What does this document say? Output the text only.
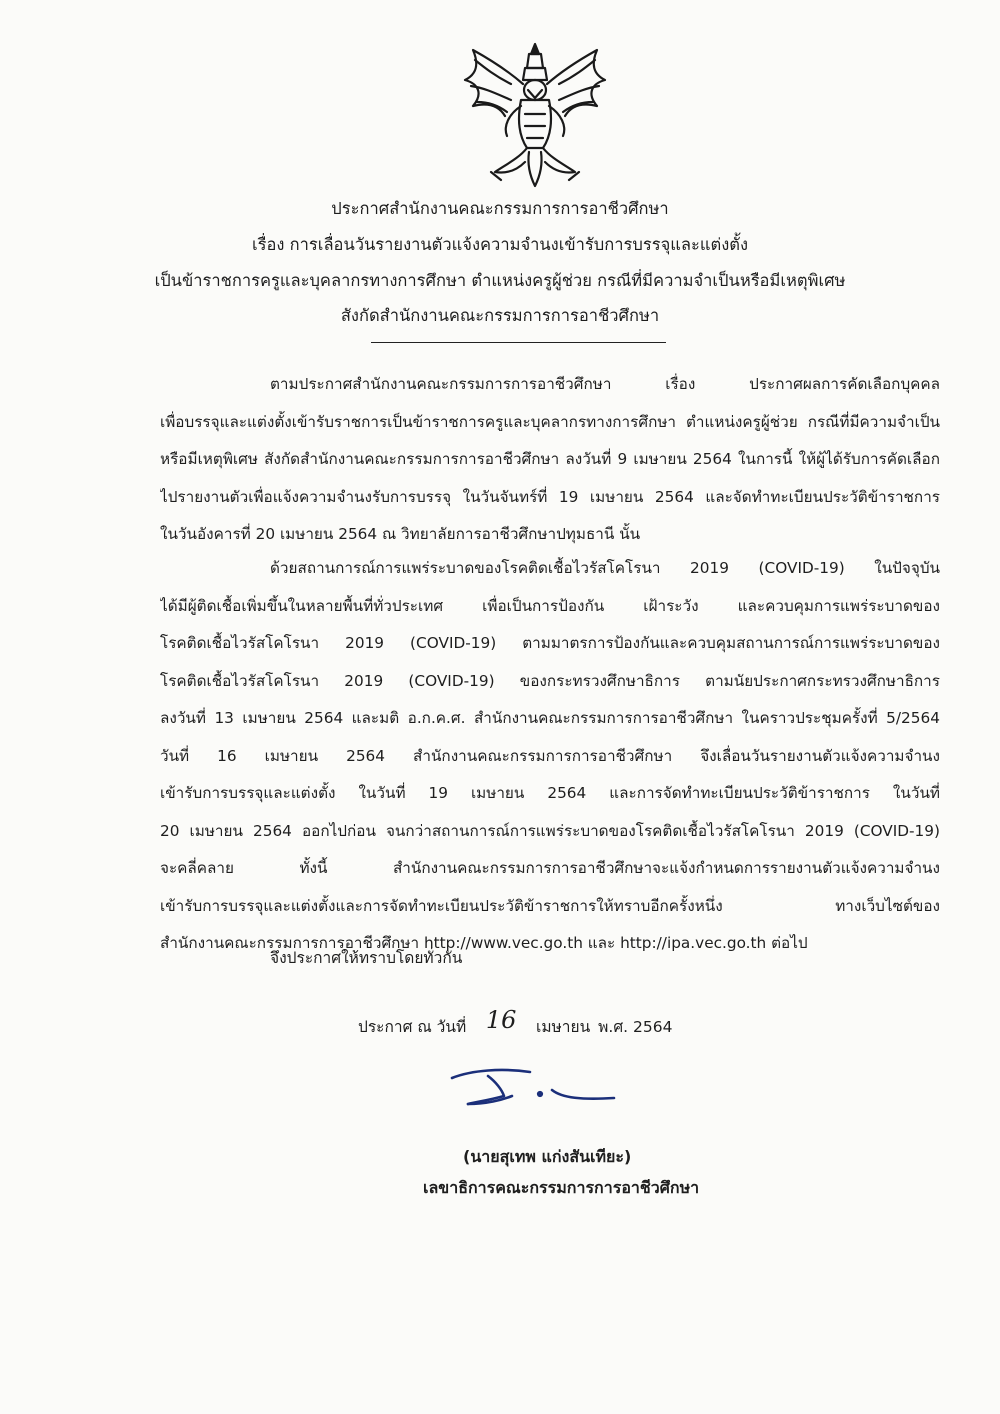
ประกาศสำนักงานคณะกรรมการการอาชีวศึกษา
เรื่อง การเลื่อนวันรายงานตัวแจ้งความจำนงเข้ารับการบรรจุและแต่งตั้ง
เป็นข้าราชการครูและบุคลากรทางการศึกษา ตำแหน่งครูผู้ช่วย กรณีที่มีความจำเป็นหรือมีเหตุพิเศษ
สังกัดสำนักงานคณะกรรมการการอาชีวศึกษา
ตามประกาศสำนักงานคณะกรรมการการอาชีวศึกษา เรื่อง ประกาศผลการคัดเลือกบุคคล
เพื่อบรรจุและแต่งตั้งเข้ารับราชการเป็นข้าราชการครูและบุคลากรทางการศึกษา ตำแหน่งครูผู้ช่วย กรณีที่มีความจำเป็น
หรือมีเหตุพิเศษ สังกัดสำนักงานคณะกรรมการการอาชีวศึกษา ลงวันที่ 9 เมษายน 2564 ในการนี้ ให้ผู้ได้รับการคัดเลือก
ไปรายงานตัวเพื่อแจ้งความจำนงรับการบรรจุ ในวันจันทร์ที่ 19 เมษายน 2564 และจัดทำทะเบียนประวัติข้าราชการ
ในวันอังคารที่ 20 เมษายน 2564 ณ วิทยาลัยการอาชีวศึกษาปทุมธานี นั้น
ด้วยสถานการณ์การแพร่ระบาดของโรคติดเชื้อไวรัสโคโรนา 2019 (COVID-19) ในปัจจุบัน
ได้มีผู้ติดเชื้อเพิ่มขึ้นในหลายพื้นที่ทั่วประเทศ เพื่อเป็นการป้องกัน เฝ้าระวัง และควบคุมการแพร่ระบาดของ
โรคติดเชื้อไวรัสโคโรนา 2019 (COVID-19) ตามมาตรการป้องกันและควบคุมสถานการณ์การแพร่ระบาดของ
โรคติดเชื้อไวรัสโคโรนา 2019 (COVID-19) ของกระทรวงศึกษาธิการ ตามนัยประกาศกระทรวงศึกษาธิการ
ลงวันที่ 13 เมษายน 2564 และมติ อ.ก.ค.ศ. สำนักงานคณะกรรมการการอาชีวศึกษา ในคราวประชุมครั้งที่ 5/2564
วันที่ 16 เมษายน 2564 สำนักงานคณะกรรมการการอาชีวศึกษา จึงเลื่อนวันรายงานตัวแจ้งความจำนง
เข้ารับการบรรจุและแต่งตั้ง ในวันที่ 19 เมษายน 2564 และการจัดทำทะเบียนประวัติข้าราชการ ในวันที่
20 เมษายน 2564 ออกไปก่อน จนกว่าสถานการณ์การแพร่ระบาดของโรคติดเชื้อไวรัสโคโรนา 2019 (COVID-19)
จะคลี่คลาย ทั้งนี้ สำนักงานคณะกรรมการการอาชีวศึกษาจะแจ้งกำหนดการรายงานตัวแจ้งความจำนง
เข้ารับการบรรจุและแต่งตั้งและการจัดทำทะเบียนประวัติข้าราชการให้ทราบอีกครั้งหนึ่ง ทางเว็บไซต์ของ
สำนักงานคณะกรรมการการอาชีวศึกษา http://www.vec.go.th และ http://ipa.vec.go.th ต่อไป
จึงประกาศให้ทราบโดยทั่วกัน
ประกาศ ณ วันที่ 16 เมษายน พ.ศ. 2564
(นายสุเทพ แก่งสันเทียะ)
เลขาธิการคณะกรรมการการอาชีวศึกษา
